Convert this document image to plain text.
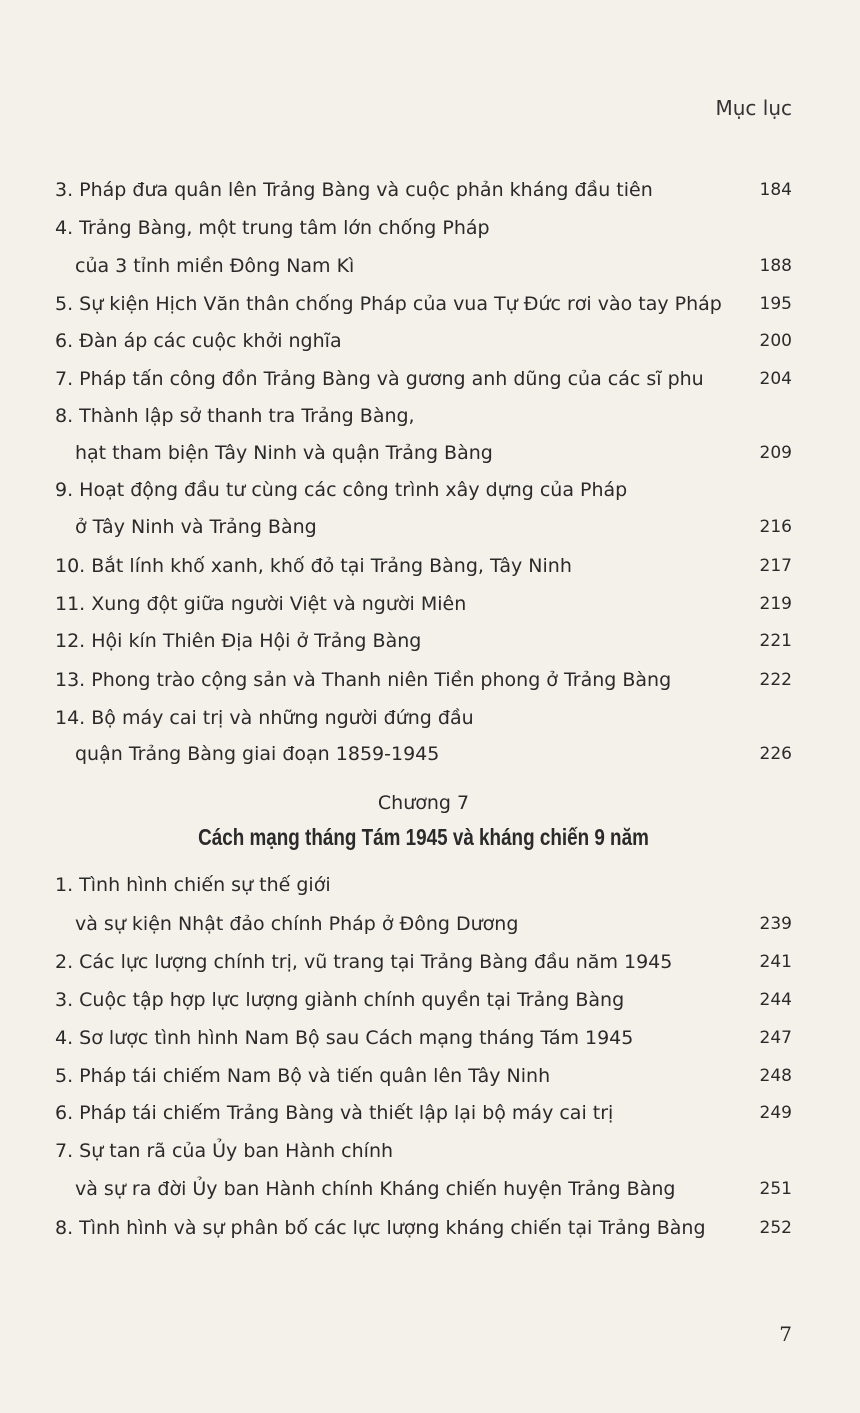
Mục lục
3. Pháp đưa quân lên Trảng Bàng và cuộc phản kháng đầu tiên	184
4. Trảng Bàng, một trung tâm lớn chống Pháp
của 3 tỉnh miền Đông Nam Kì	188
5. Sự kiện Hịch Văn thân chống Pháp của vua Tự Đức rơi vào tay Pháp 195
6. Đàn áp các cuộc khởi nghĩa	200
7. Pháp tấn công đồn Trảng Bàng và gương anh dũng của các sĩ phu	204
8. Thành lập sở thanh tra Trảng Bàng,
hạt tham biện Tây Ninh và quận Trảng Bàng	209
9. Hoạt động đầu tư cùng các công trình xây dựng của Pháp
ở Tây Ninh và Trảng Bàng	216
10. Bắt lính khố xanh, khố đỏ tại Trảng Bàng, Tây Ninh	217
11. Xung đột giữa người Việt và người Miên	219
12. Hội kín Thiên Địa Hội ở Trảng Bàng	221
13. Phong trào cộng sản và Thanh niên Tiền phong ở Trảng Bàng	222
14. Bộ máy cai trị và những người đứng đầu
quận Trảng Bàng giai đoạn 1859-1945	226
Chương 7
Cách mạng tháng Tám 1945 và kháng chiến 9 năm
1. Tình hình chiến sự thế giới
và sự kiện Nhật đảo chính Pháp ở Đông Dương	239
2. Các lực lượng chính trị, vũ trang tại Trảng Bàng đầu năm 1945	241
3. Cuộc tập hợp lực lượng giành chính quyền tại Trảng Bàng	244
4. Sơ lược tình hình Nam Bộ sau Cách mạng tháng Tám 1945	247
5. Pháp tái chiếm Nam Bộ và tiến quân lên Tây Ninh	248
6. Pháp tái chiếm Trảng Bàng và thiết lập lại bộ máy cai trị	249
7. Sự tan rã của Ủy ban Hành chính
và sự ra đời Ủy ban Hành chính Kháng chiến huyện Trảng Bàng	251
8. Tình hình và sự phân bố các lực lượng kháng chiến tại Trảng Bàng	252
7
